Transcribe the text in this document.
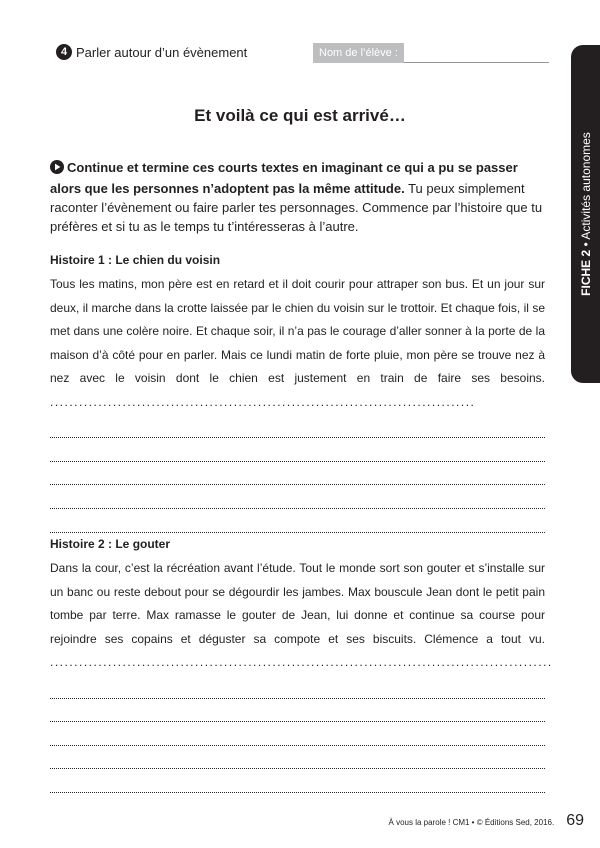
4 Parler autour d’un évènement	Nom de l’élève :
FICHE 2 • Activités autonomes
Et voilà ce qui est arrivé…
Continue et termine ces courts textes en imaginant ce qui a pu se passer alors que les personnes n’adoptent pas la même attitude. Tu peux simplement raconter l’évènement ou faire parler tes personnages. Commence par l’histoire que tu préfères et si tu as le temps tu t’intéresseras à l’autre.
Histoire 1 : Le chien du voisin

Tous les matins, mon père est en retard et il doit courir pour attraper son bus. Et un jour sur deux, il marche dans la crotte laissée par le chien du voisin sur le trottoir. Et chaque fois, il se met dans une colère noire. Et chaque soir, il n’a pas le courage d’aller sonner à la porte de la maison d’à côté pour en parler. Mais ce lundi matin de forte pluie, mon père se trouve nez à nez avec le voisin dont le chien est justement en train de faire ses besoins. ........................................................................................

Histoire 2 : Le gouter

Dans la cour, c’est la récréation avant l’étude. Tout le monde sort son gouter et s’installe sur un banc ou reste debout pour se dégourdir les jambes. Max bouscule Jean dont le petit pain tombe par terre. Max ramasse le gouter de Jean, lui donne et continue sa course pour rejoindre ses copains et déguster sa compote et ses biscuits. Clémence a tout vu. ........................................................................................................

À vous la parole ! CM1 • © Éditions Sed, 2016. 69
